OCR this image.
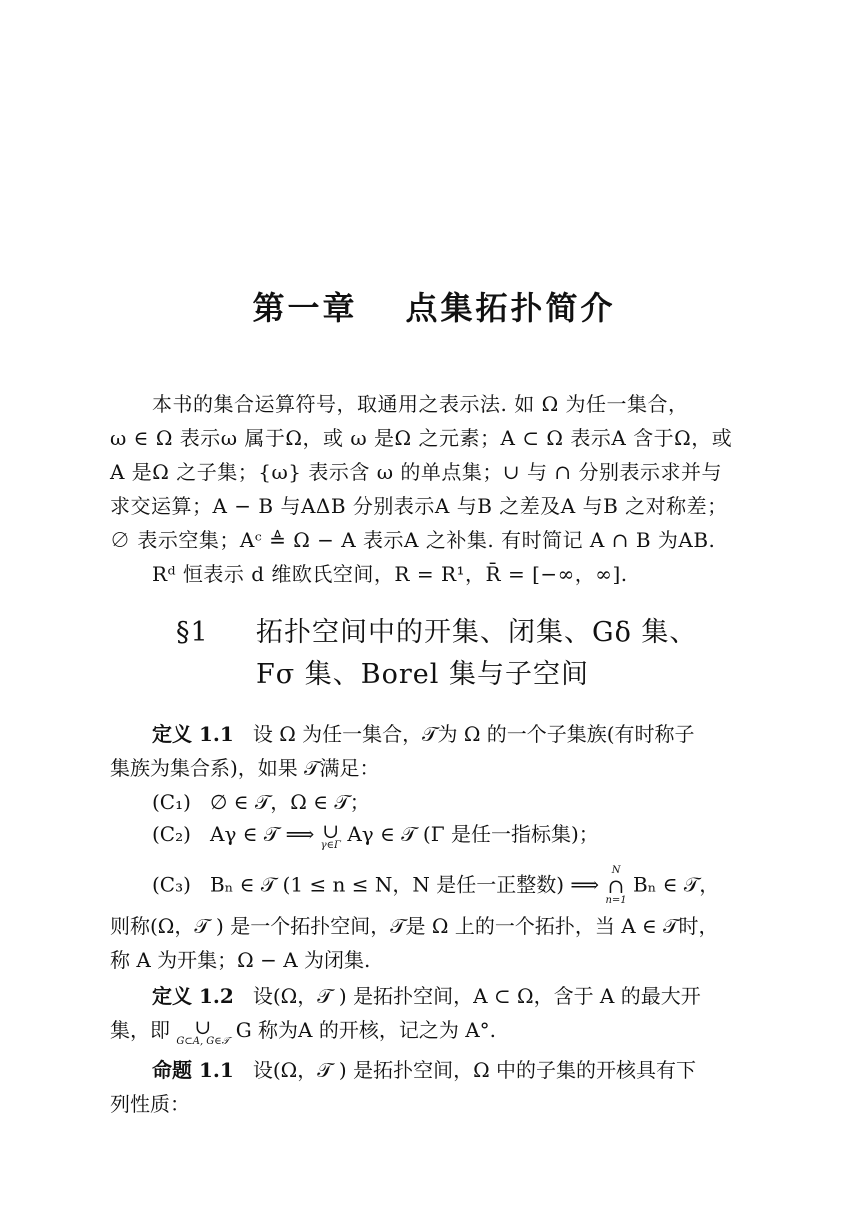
第一章 点集拓扑简介
本书的集合运算符号，取通用之表示法. 如 Ω 为任一集合，
ω ∈ Ω 表示ω 属于Ω，或 ω 是Ω 之元素；A ⊂ Ω 表示A 含于Ω，或
A 是Ω 之子集；{ω} 表示含 ω 的单点集；∪ 与 ∩ 分别表示求并与
求交运算；A − B 与AΔB 分别表示A 与B 之差及A 与B 之对称差；
∅ 表示空集；Aᶜ ≜ Ω − A 表示A 之补集. 有时简记 A ∩ B 为AB.
Rᵈ 恒表示 d 维欧氏空间，R = R¹，R̄ = [−∞，∞].
§1 拓扑空间中的开集、闭集、Gδ 集、
Fσ 集、Borel 集与子空间
定义 1.1 设 Ω 为任一集合，𝒯为 Ω 的一个子集族(有时称子
集族为集合系)，如果 𝒯满足：
(C₁) ∅ ∈ 𝒯，Ω ∈ 𝒯；
(C₂) Aγ ∈ 𝒯 ⟹ ∪
γ∈Γ Aγ ∈ 𝒯 (Γ 是任一指标集)；
(C₃) Bₙ ∈ 𝒯 (1 ≤ n ≤ N，N 是任一正整数) ⟹
N
∩
n=1
Bₙ ∈ 𝒯，
则称(Ω，𝒯 ) 是一个拓扑空间，𝒯是 Ω 上的一个拓扑，当 A ∈ 𝒯时，
称 A 为开集；Ω − A 为闭集.
定义 1.2 设(Ω，𝒯 ) 是拓扑空间，A ⊂ Ω，含于 A 的最大开
集，即 ∪
G⊂A, G∈𝒯 G 称为A 的开核，记之为 A°.
命题 1.1 设(Ω，𝒯 ) 是拓扑空间，Ω 中的子集的开核具有下
列性质：
